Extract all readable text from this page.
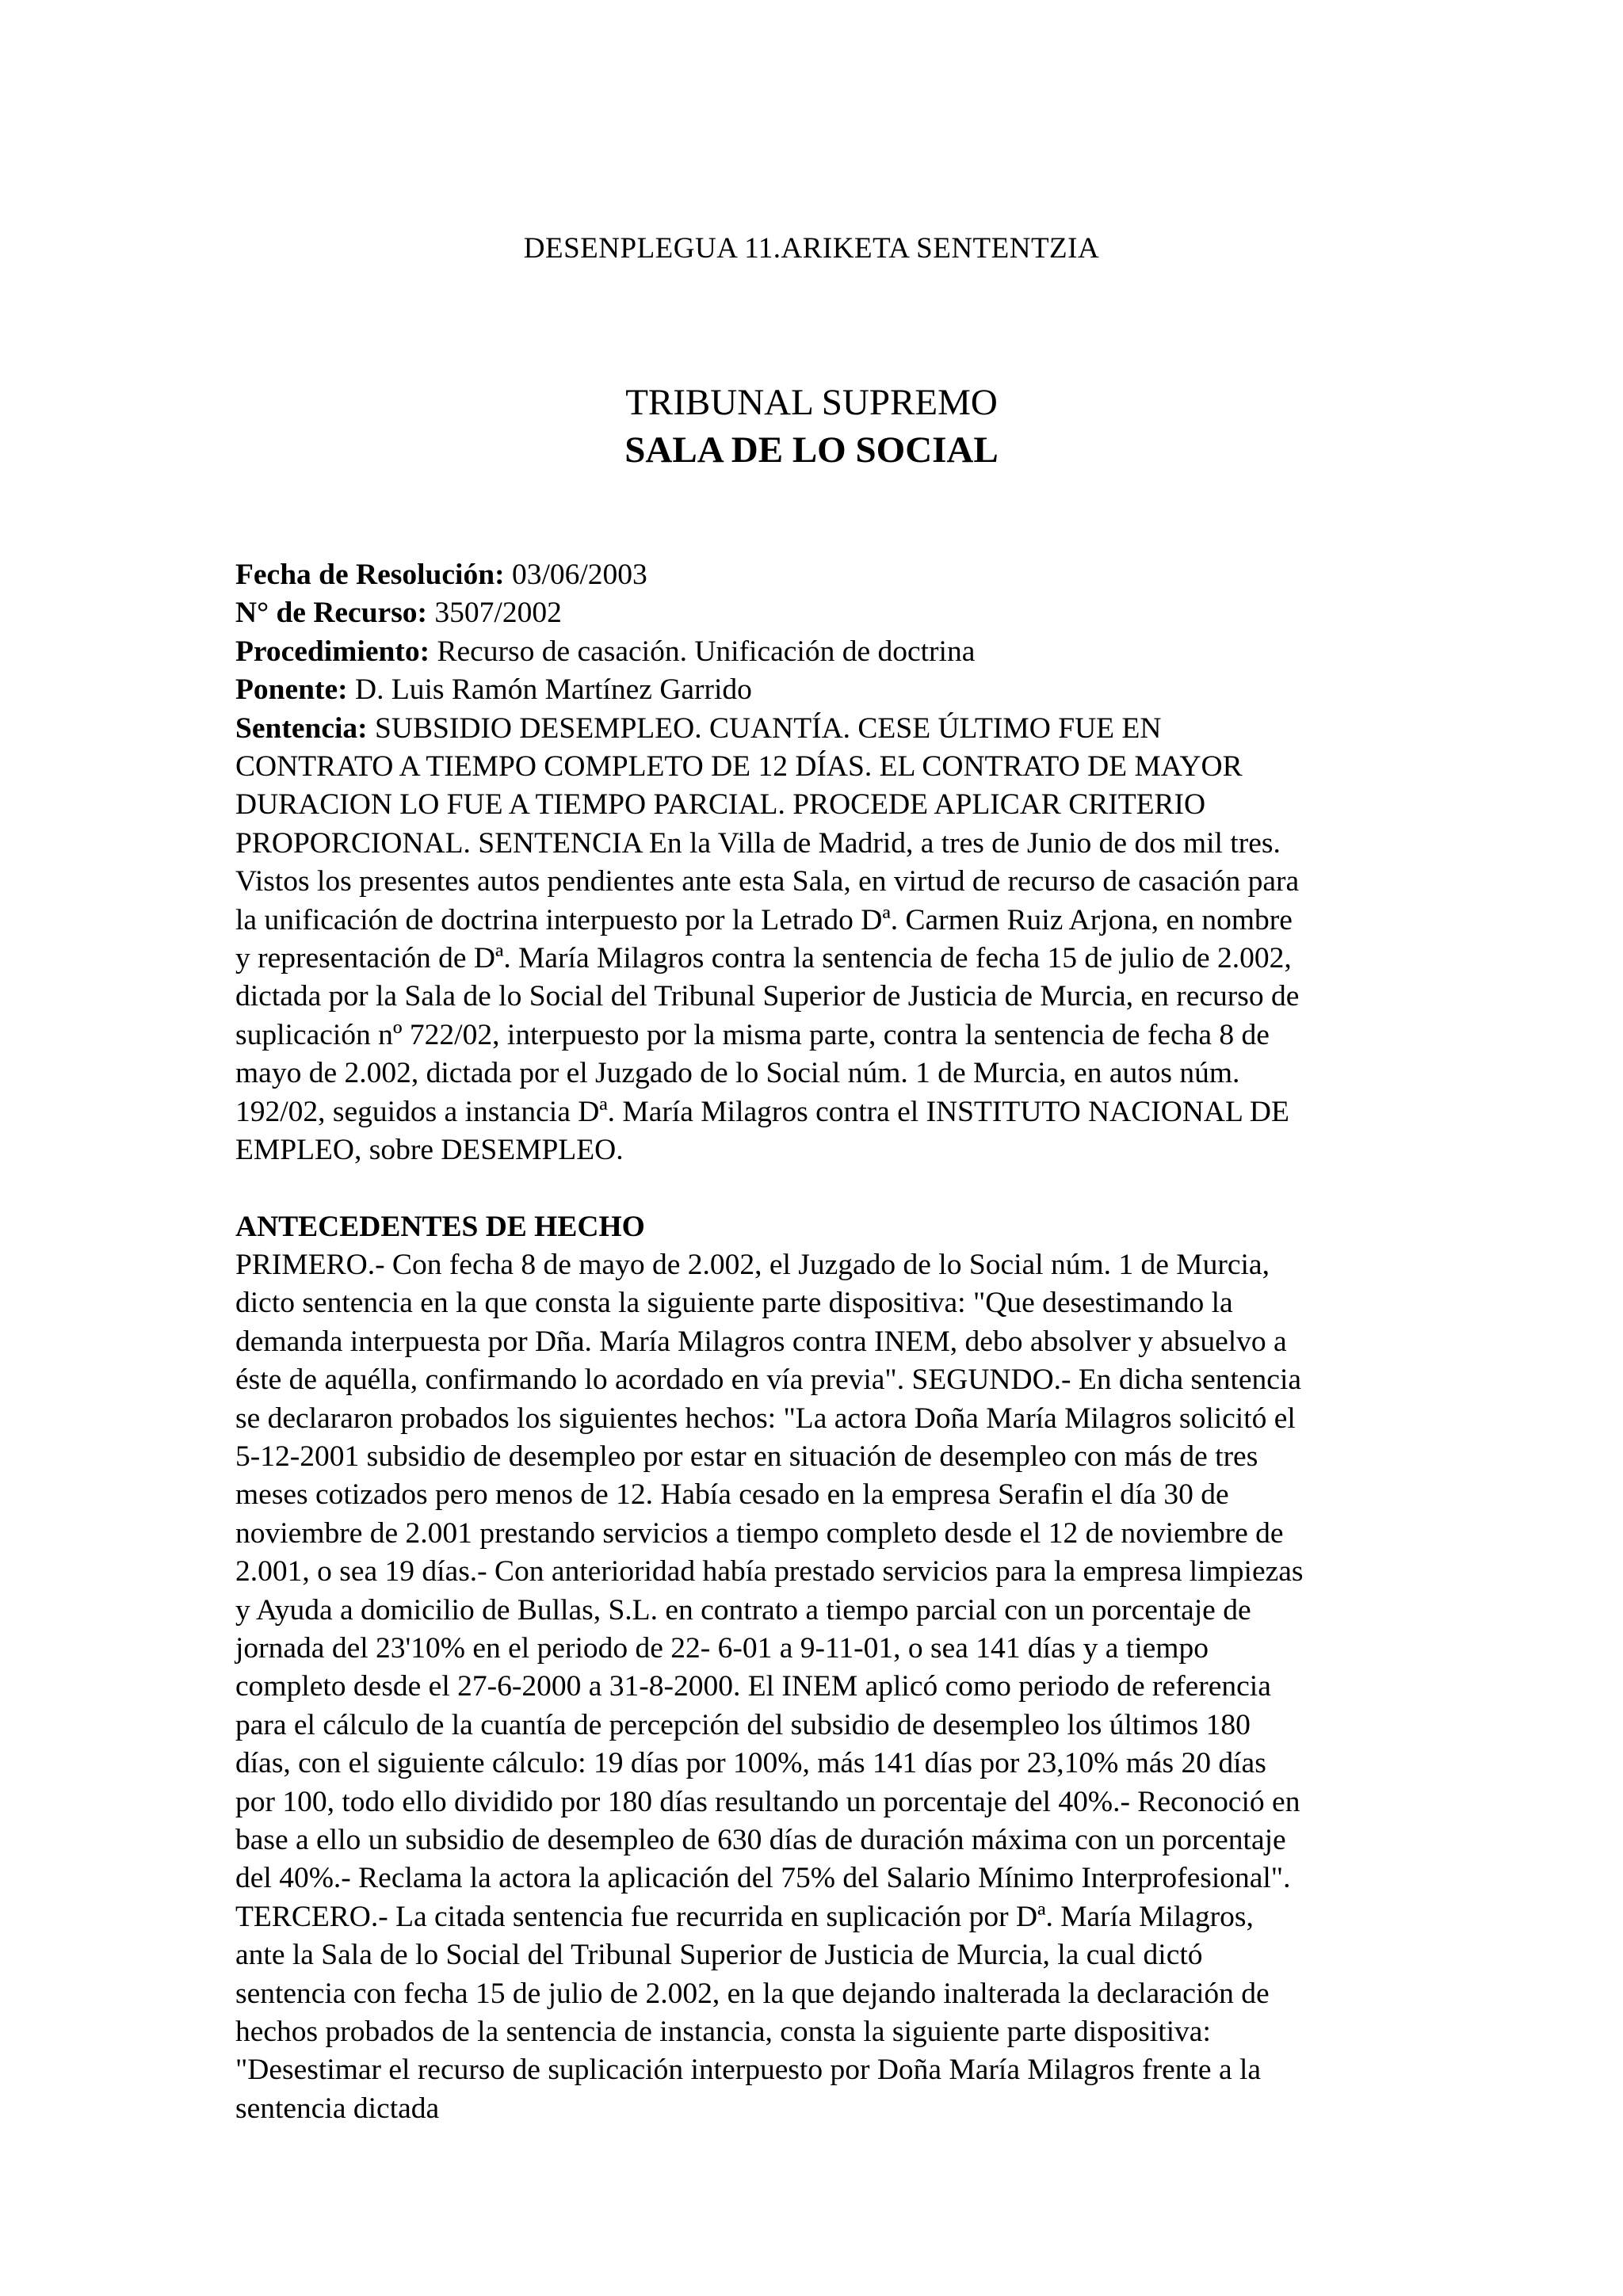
DESENPLEGUA 11.ARIKETA SENTENTZIA
TRIBUNAL SUPREMO
SALA DE LO SOCIAL
Fecha de Resolución: 03/06/2003
N° de Recurso: 3507/2002
Procedimiento: Recurso de casación. Unificación de doctrina
Ponente: D. Luis Ramón Martínez Garrido
Sentencia: SUBSIDIO DESEMPLEO. CUANTÍA. CESE ÚLTIMO FUE EN
CONTRATO A TIEMPO COMPLETO DE 12 DÍAS. EL CONTRATO DE MAYOR
DURACION LO FUE A TIEMPO PARCIAL. PROCEDE APLICAR CRITERIO
PROPORCIONAL. SENTENCIA En la Villa de Madrid, a tres de Junio de dos mil tres.
Vistos los presentes autos pendientes ante esta Sala, en virtud de recurso de casación para
la unificación de doctrina interpuesto por la Letrado Dª. Carmen Ruiz Arjona, en nombre
y representación de Dª. María Milagros contra la sentencia de fecha 15 de julio de 2.002,
dictada por la Sala de lo Social del Tribunal Superior de Justicia de Murcia, en recurso de
suplicación nº 722/02, interpuesto por la misma parte, contra la sentencia de fecha 8 de
mayo de 2.002, dictada por el Juzgado de lo Social núm. 1 de Murcia, en autos núm.
192/02, seguidos a instancia Dª. María Milagros contra el INSTITUTO NACIONAL DE
EMPLEO, sobre DESEMPLEO.
ANTECEDENTES DE HECHO
PRIMERO.- Con fecha 8 de mayo de 2.002, el Juzgado de lo Social núm. 1 de Murcia,
dicto sentencia en la que consta la siguiente parte dispositiva: "Que desestimando la
demanda interpuesta por Dña. María Milagros contra INEM, debo absolver y absuelvo a
éste de aquélla, confirmando lo acordado en vía previa". SEGUNDO.- En dicha sentencia
se declararon probados los siguientes hechos: "La actora Doña María Milagros solicitó el
5-12-2001 subsidio de desempleo por estar en situación de desempleo con más de tres
meses cotizados pero menos de 12. Había cesado en la empresa Serafin el día 30 de
noviembre de 2.001 prestando servicios a tiempo completo desde el 12 de noviembre de
2.001, o sea 19 días.- Con anterioridad había prestado servicios para la empresa limpiezas
y Ayuda a domicilio de Bullas, S.L. en contrato a tiempo parcial con un porcentaje de
jornada del 23'10% en el periodo de 22- 6-01 a 9-11-01, o sea 141 días y a tiempo
completo desde el 27-6-2000 a 31-8-2000. El INEM aplicó como periodo de referencia
para el cálculo de la cuantía de percepción del subsidio de desempleo los últimos 180
días, con el siguiente cálculo: 19 días por 100%, más 141 días por 23,10% más 20 días
por 100, todo ello dividido por 180 días resultando un porcentaje del 40%.- Reconoció en
base a ello un subsidio de desempleo de 630 días de duración máxima con un porcentaje
del 40%.- Reclama la actora la aplicación del 75% del Salario Mínimo Interprofesional".
TERCERO.- La citada sentencia fue recurrida en suplicación por Dª. María Milagros,
ante la Sala de lo Social del Tribunal Superior de Justicia de Murcia, la cual dictó
sentencia con fecha 15 de julio de 2.002, en la que dejando inalterada la declaración de
hechos probados de la sentencia de instancia, consta la siguiente parte dispositiva:
"Desestimar el recurso de suplicación interpuesto por Doña María Milagros frente a la
sentencia dictada
